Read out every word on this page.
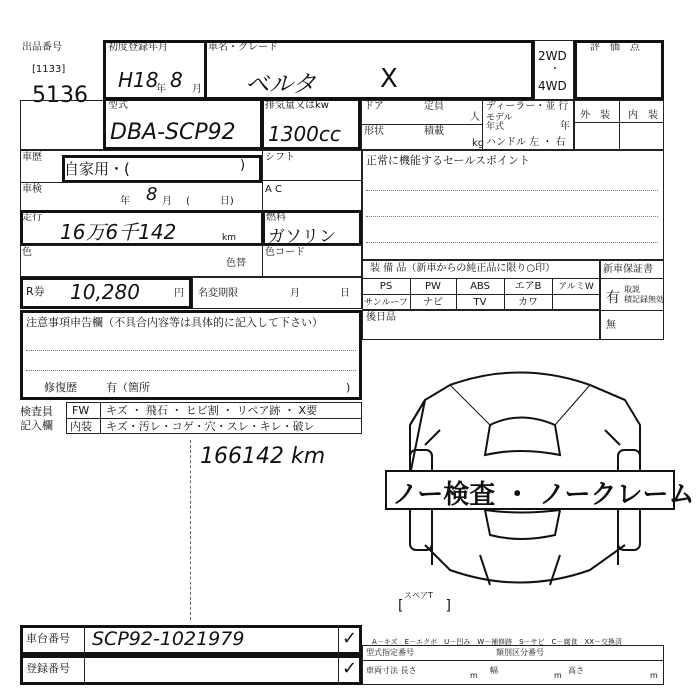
出品番号
[1133]
5136
初度登録年月
H18
年 8 月
車名・グレード
ベルタ X
2WD
・
4WD
評　価　点
型式
DBA-SCP92
排気量又はkw
1300cc
ドア	定員
人
ディーラー・並 行
形状	積載
kg
モデル
年式	年
ハンドル 左 ・ 右
外　装 内　装
車歴
自家用・(	)
車検
年 8 月 (　　　日)
シフト
A C
走行
16万6千142	km
燃料
ガソリン
色
色替
色コード
正常に機能するセールスポイント
R券 10,280	円 名変期限	月	日
装 備 品（新車からの純正品に限り○印）
PS	PW	ABS	エアB	アルミW
サンルーフ	ナビ	TV	カワ
新車保証書
有
取説
積記録無効
無
後日品
注意事項申告欄（不具合内容等は具体的に記入して下さい）
修復歴	有（箇所	)
検査員
記入欄
FW キズ ・ 飛石 ・ ヒビ割 ・ リペア跡 ・ X要
内装 キズ・汚レ・コゲ・穴・スレ・キレ・破レ
166142 km
ノー検査 ・ ノークレーム
スペアT
[　　　]
A－キズ　E－エクボ　U－凹み　W－補修跡　S－サビ　C－腐食　XX－交換済
車台番号 SCP92-1021979	✓
登録番号	✓
型式指定番号	類別区分番号
車両寸法 長さ
m
幅
m
高さ
m
